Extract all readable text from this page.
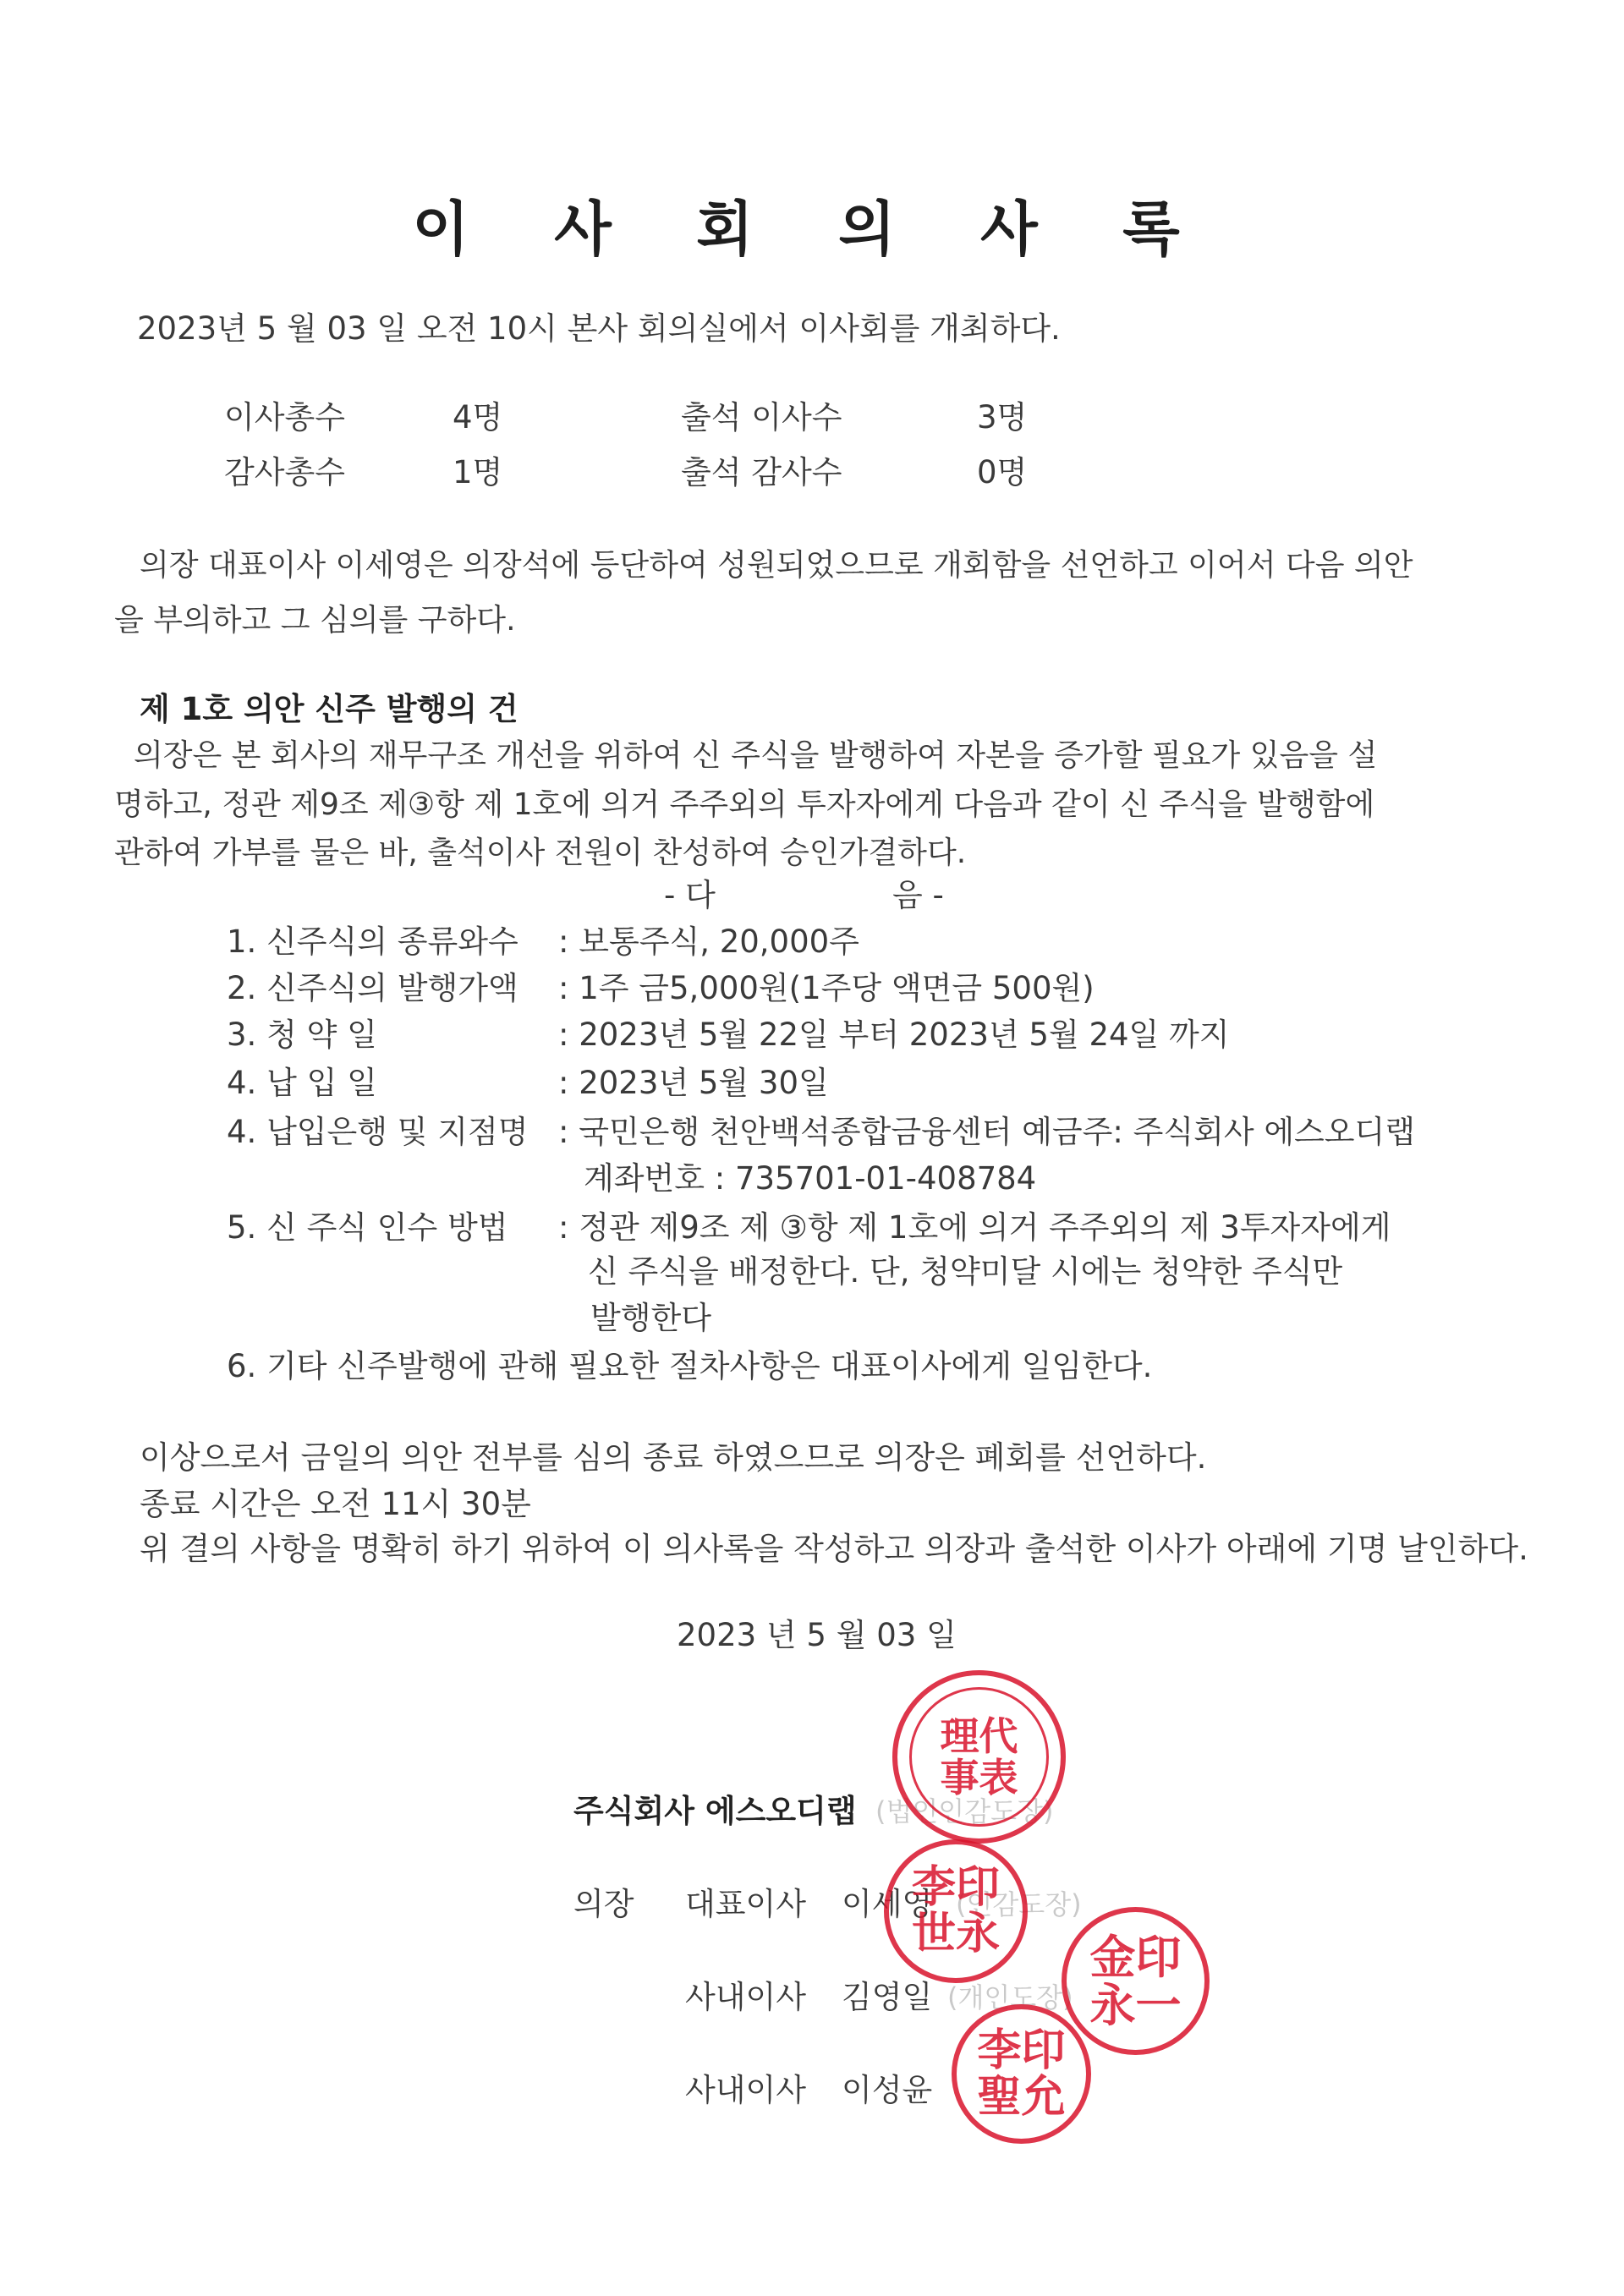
이 사 회 의 사 록
2023년 5 월 03 일 오전 10시 본사 회의실에서 이사회를 개최하다.
이사총수	4명	출석 이사수	3명
감사총수	1명	출석 감사수	0명
의장 대표이사 이세영은 의장석에 등단하여 성원되었으므로 개회함을 선언하고 이어서 다음 의안
을 부의하고 그 심의를 구하다.
제 1호 의안 신주 발행의 건
의장은 본 회사의 재무구조 개선을 위하여 신 주식을 발행하여 자본을 증가할 필요가 있음을 설
명하고, 정관 제9조 제③항 제 1호에 의거 주주외의 투자자에게 다음과 같이 신 주식을 발행함에
관하여 가부를 물은 바, 출석이사 전원이 찬성하여 승인가결하다.
- 다	음 -
1. 신주식의 종류와수 : 보통주식, 20,000주
2. 신주식의 발행가액 : 1주 금5,000원(1주당 액면금 500원)
3. 청 약 일	: 2023년 5월 22일 부터 2023년 5월 24일 까지
4. 납 입 일	: 2023년 5월 30일
4. 납입은행 및 지점명 : 국민은행 천안백석종합금융센터 예금주: 주식회사 에스오디랩
계좌번호 : 735701-01-408784
5. 신 주식 인수 방법 : 정관 제9조 제 ③항 제 1호에 의거 주주외의 제 3투자자에게
신 주식을 배정한다. 단, 청약미달 시에는 청약한 주식만
발행한다
6. 기타 신주발행에 관해 필요한 절차사항은 대표이사에게 일임한다.
이상으로서 금일의 의안 전부를 심의 종료 하였으므로 의장은 폐회를 선언하다.
종료 시간은 오전 11시 30분
위 결의 사항을 명확히 하기 위하여 이 의사록을 작성하고 의장과 출석한 이사가 아래에 기명 날인하다.
2023 년 5 월 03 일
주식회사 에스오디랩 (법인인감도장)
의장 대표이사 이세영 (인감도장)
사내이사 김영일 (개인도장)
사내이사 이성윤
理代
事表
李印
世永 金印
永一
李印
聖允
